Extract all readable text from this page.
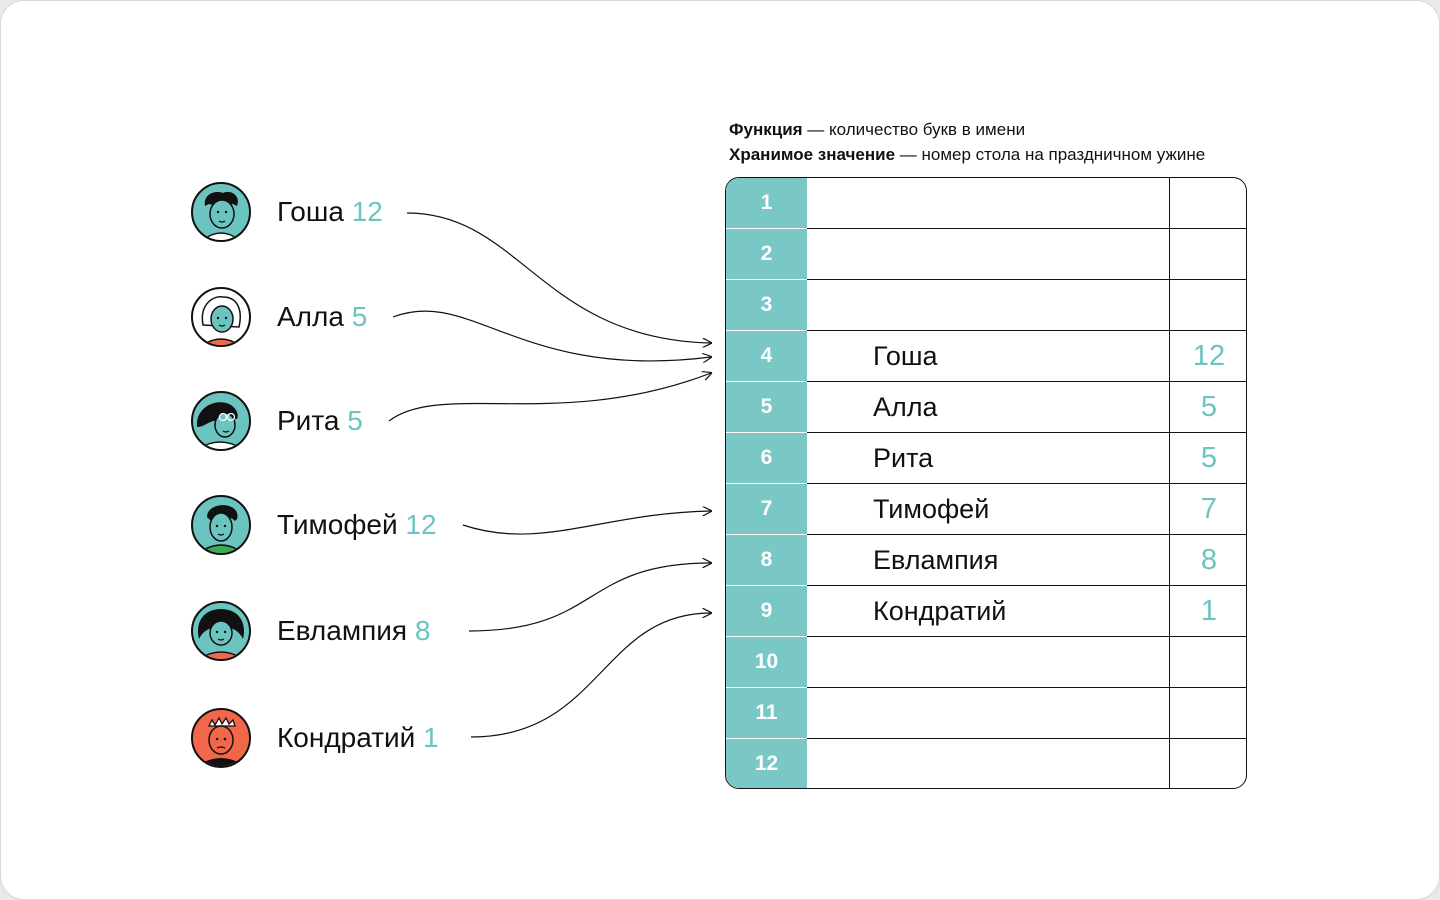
Гоша 12
Алла 5
Рита 5
Тимофей 12
Евлампия 8
Кондратий 1
Функция — количество букв в имени
Хранимое значение — номер стола на праздничном ужине
1
2
3
4	Гоша	12
5	Алла	5
6	Рита	5
7	Тимофей	7
8	Евлампия	8
9	Кондратий	1
10
11
12
